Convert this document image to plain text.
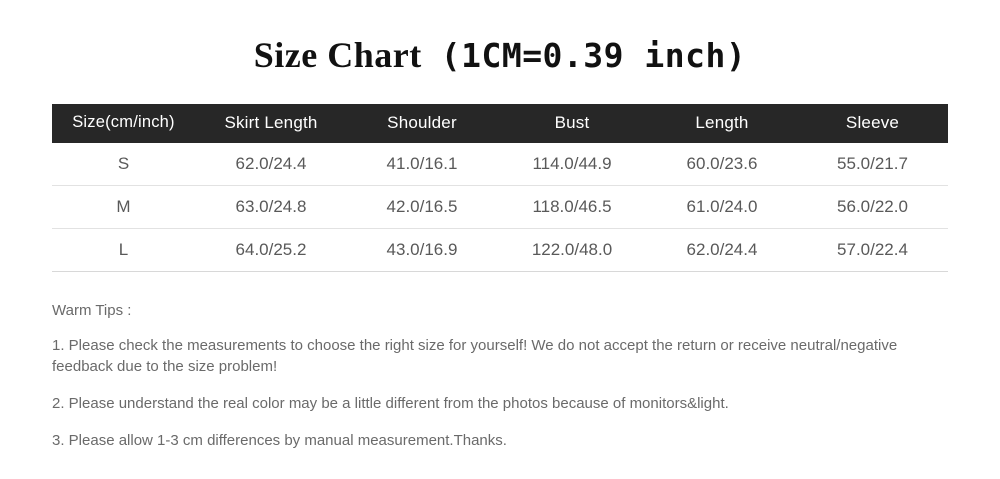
Size Chart (1CM=0.39 inch)
Size(cm/inch)	Skirt Length	Shoulder	Bust	Length	Sleeve
S	62.0/24.4	41.0/16.1	114.0/44.9	60.0/23.6	55.0/21.7
M	63.0/24.8	42.0/16.5	118.0/46.5	61.0/24.0	56.0/22.0
L	64.0/25.2	43.0/16.9	122.0/48.0	62.0/24.4	57.0/22.4
Warm Tips :
1. Please check the measurements to choose the right size for yourself! We do not accept the return or receive neutral/negative feedback due to the size problem!
2. Please understand the real color may be a little different from the photos because of monitors&light.
3. Please allow 1-3 cm differences by manual measurement.Thanks.
